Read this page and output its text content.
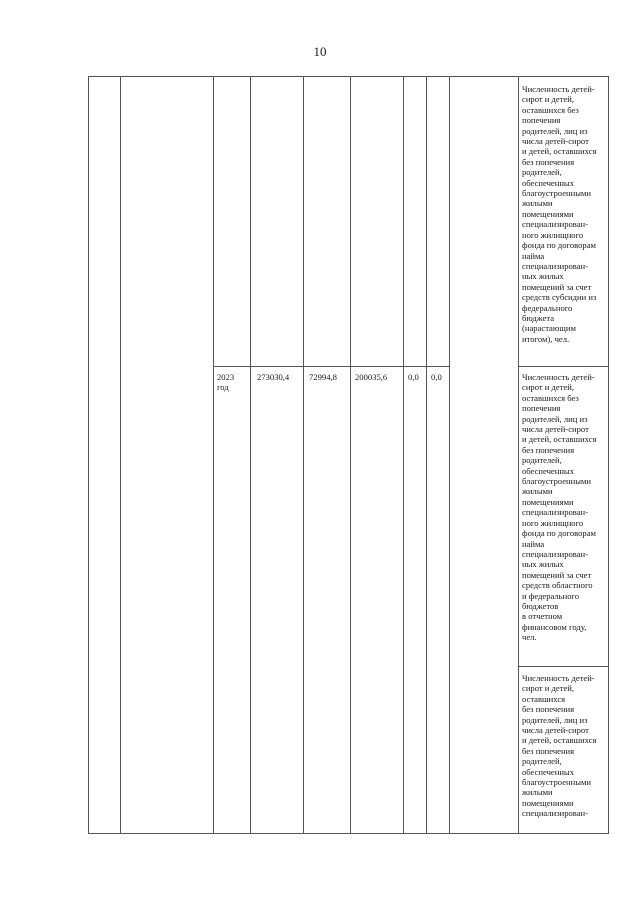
10
2023
год
273030,4 72994,8 200035,6 0,0 0,0
Численность детей-
сирот и детей,
оставшихся без
попечения
родителей, лиц из
числа детей-сирот
и детей, оставшихся
без попечения
родителей,
обеспеченных
благоустроенными
жилыми
помещениями
специализирован-
ного жилищного
фонда по договорам
найма
специализирован-
ных жилых
помещений за счет
средств субсидии из
федерального
бюджета
(нарастающим
итогом), чел.
Численность детей-
сирот и детей,
оставшихся без
попечения
родителей, лиц из
числа детей-сирот
и детей, оставшихся
без попечения
родителей,
обеспеченных
благоустроенными
жилыми
помещениями
специализирован-
ного жилищного
фонда по договорам
найма
специализирован-
ных жилых
помещений за счет
средств областного
и федерального
бюджетов
в отчетном
финансовом году,
чел.
Численность детей-
сирот и детей,
оставшихся
без попечения
родителей, лиц из
числа детей-сирот
и детей, оставшихся
без попечения
родителей,
обеспеченных
благоустроенными
жилыми
помещениями
специализирован-
